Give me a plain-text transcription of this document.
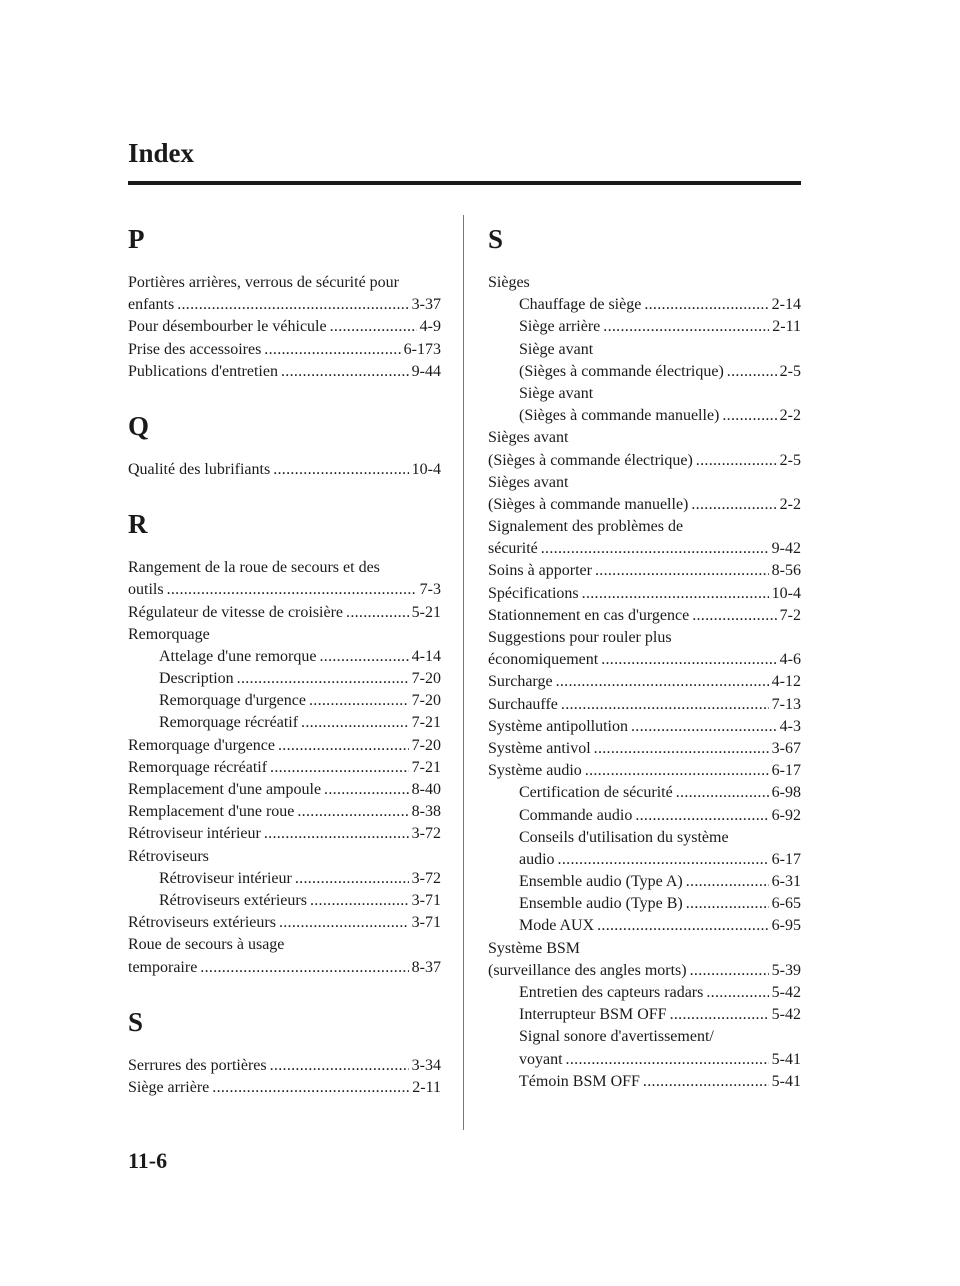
Index
P
Portières arrières, verrous de sécurité pour
enfants .....	3-37
Pour désembourber le véhicule .....	4-9
Prise des accessoires .....	6-173
Publications d'entretien .....	9-44
Q
Qualité des lubrifiants .....	10-4
R
Rangement de la roue de secours et des
outils .....	7-3
Régulateur de vitesse de croisière .....	5-21
Remorquage
Attelage d'une remorque .....	4-14
Description .....	7-20
Remorquage d'urgence .....	7-20
Remorquage récréatif .....	7-21
Remorquage d'urgence .....	7-20
Remorquage récréatif .....	7-21
Remplacement d'une ampoule .....	8-40
Remplacement d'une roue .....	8-38
Rétroviseur intérieur .....	3-72
Rétroviseurs
Rétroviseur intérieur .....	3-72
Rétroviseurs extérieurs .....	3-71
Rétroviseurs extérieurs .....	3-71
Roue de secours à usage
temporaire .....	8-37
S
Serrures des portières .....	3-34
Siège arrière .....	2-11
S
Sièges
Chauffage de siège .....	2-14
Siège arrière .....	2-11
Siège avant
(Sièges à commande électrique) .....	2-5
Siège avant
(Sièges à commande manuelle) .....	2-2
Sièges avant
(Sièges à commande électrique) .....	2-5
Sièges avant
(Sièges à commande manuelle) .....	2-2
Signalement des problèmes de
sécurité .....	9-42
Soins à apporter .....	8-56
Spécifications .....	10-4
Stationnement en cas d'urgence .....	7-2
Suggestions pour rouler plus
économiquement .....	4-6
Surcharge .....	4-12
Surchauffe .....	7-13
Système antipollution .....	4-3
Système antivol .....	3-67
Système audio .....	6-17
Certification de sécurité .....	6-98
Commande audio .....	6-92
Conseils d'utilisation du système
audio .....	6-17
Ensemble audio (Type A) .....	6-31
Ensemble audio (Type B) .....	6-65
Mode AUX .....	6-95
Système BSM
(surveillance des angles morts) .....	5-39
Entretien des capteurs radars .....	5-42
Interrupteur BSM OFF .....	5-42
Signal sonore d'avertissement/
voyant .....	5-41
Témoin BSM OFF .....	5-41
11-6
